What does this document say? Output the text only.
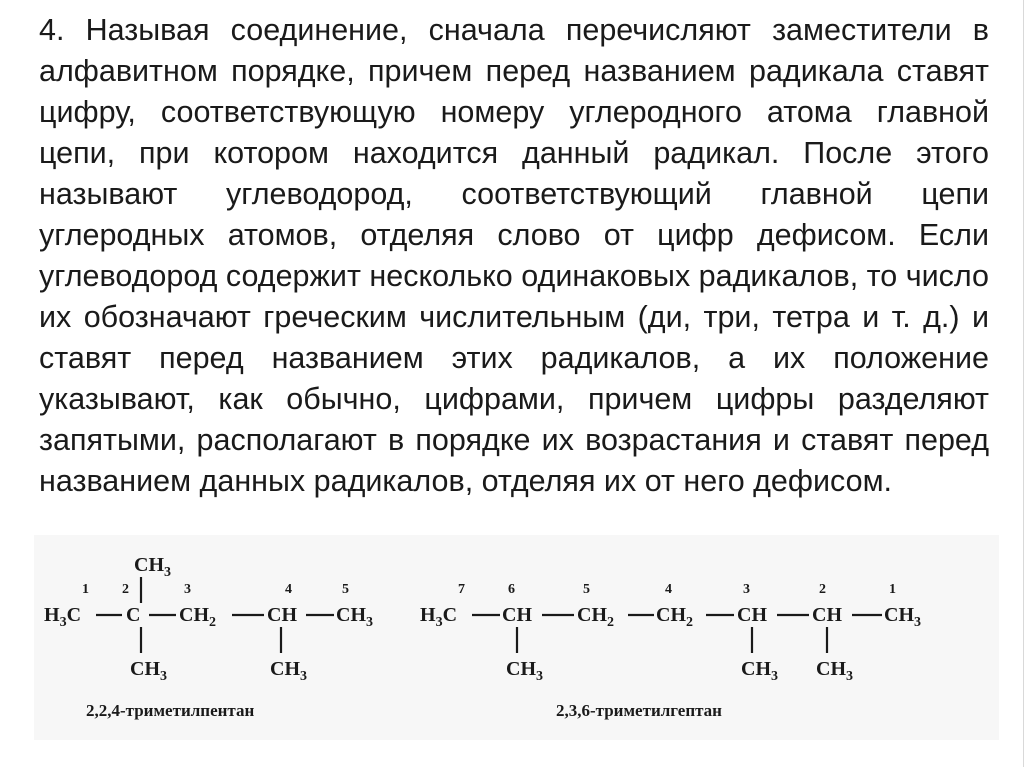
4. Называя соединение, сначала перечисляют заместители в алфавитном порядке, причем перед названием радикала ставят цифру, соответствующую номеру углеродного атома главной цепи, при котором находится данный радикал. После этого называют углеводород, соответствующий главной цепи углеродных атомов, отделяя слово от цифр дефисом. Если углеводород содержит несколько одинаковых радикалов, то число их обозначают греческим числительным (ди, три, тетра и т. д.) и ставят перед названием этих радикалов, а их положение указывают, как обычно, цифрами, причем цифры разделяют запятыми, располагают в порядке их возрастания и ставят перед названием данных радикалов, отделяя их от него дефисом.

1 2	3	4	5
$CH_3$
$H_3C$ C $CH_2$	CH $CH_3$
$CH_3$	$CH_3$
2,2,4-триметилпентан
7	6	5	4	3	2	1
$H_3C$ CH $CH_2$ $CH_2$ CH CH $CH_3$
$CH_3$	$CH_3$ $CH_3$
2,3,6-триметилгептан
